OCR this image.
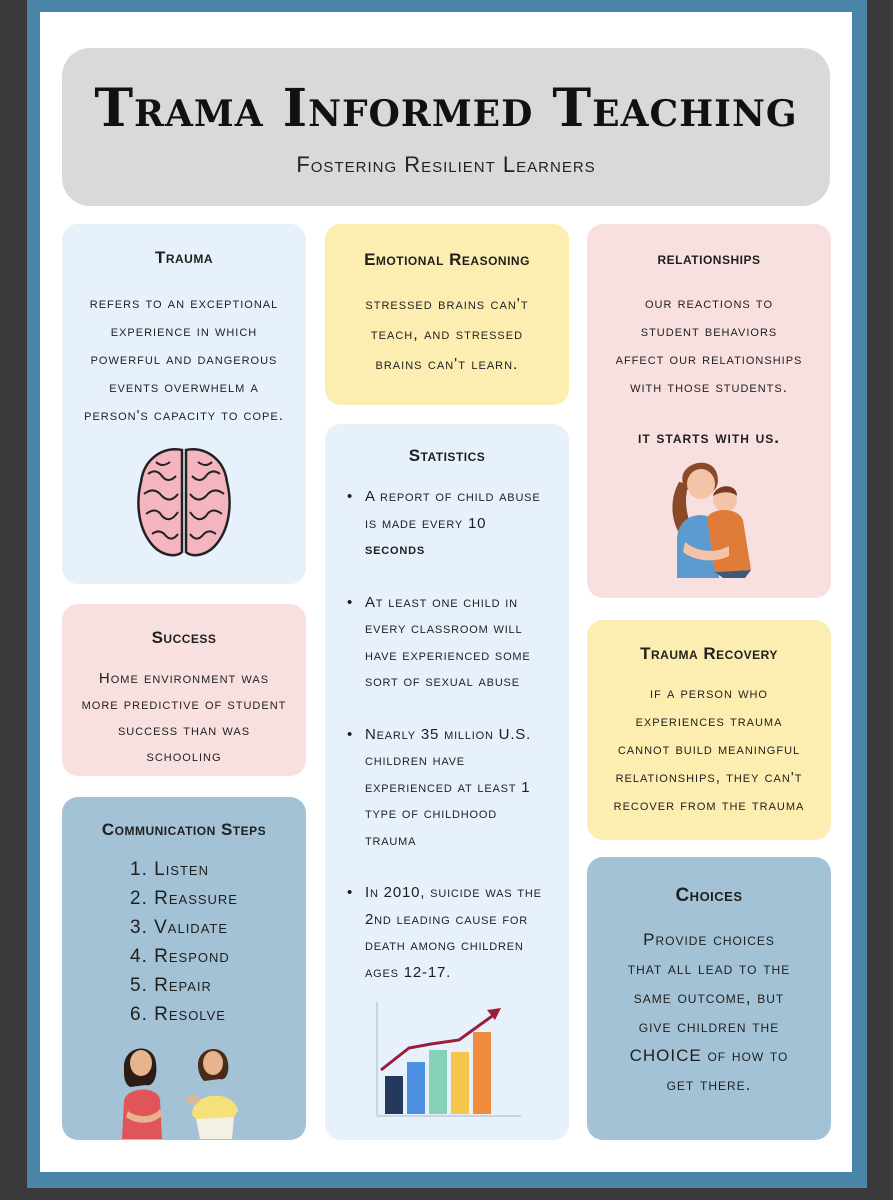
Trama Informed Teaching
Fostering Resilient Learners
Trauma

refers to an exceptional

experience in which

powerful and dangerous

events overwhelm a

person's capacity to cope.

Emotional Reasoning

stressed brains can't

teach, and stressed

brains can't learn.

relationships

our reactions to

student behaviors

affect our relationships

with those students.

it starts with us.
Statistics
• A report of child abuse
is made every 10
seconds
• At least one child in
every classroom will
have experienced some
sort of sexual abuse
• Nearly 35 million U.S.
children have
experienced at least 1
type of childhood
trauma
• In 2010, suicide was the
2nd leading cause for
death among children
ages 12-17.
Success

Home environment was

more predictive of student

success than was

schooling

Trauma Recovery

if a person who

experiences trauma

cannot build meaningful

relationships, they can't

recover from the trauma

Communication Steps
1. Listen
2. Reassure
3. Validate
4. Respond
5. Repair
6. Resolve
Choices

Provide choices

that all lead to the

same outcome, but

give children the

CHOICE of how to

get there.
